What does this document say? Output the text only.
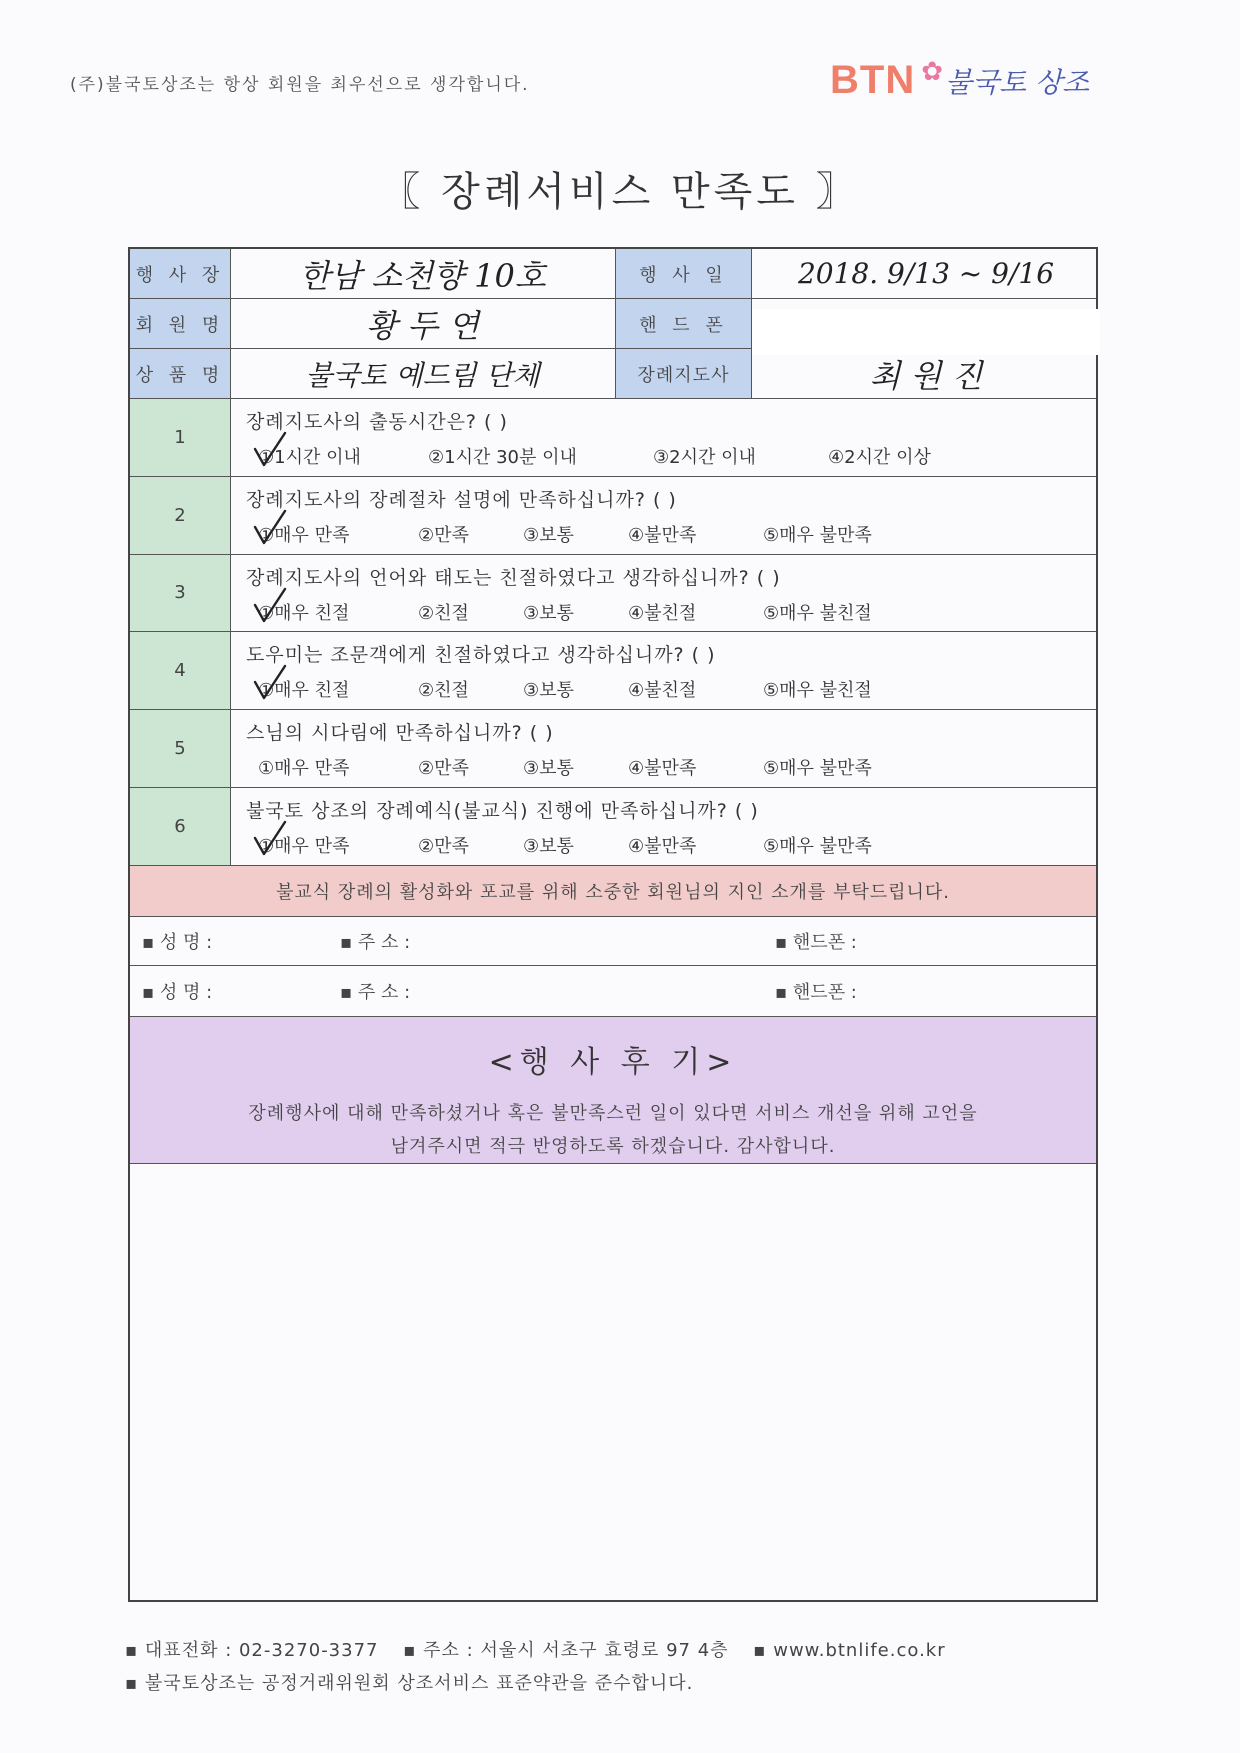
(주)불국토상조는 항상 회원을 최우선으로 생각합니다.	BTN ✿ 불국토 상조
〖 장례서비스 만족도 〗
행 사 장	한남 소천향 10호	행 사 일	2018. 9/13 ~ 9/16
회 원 명	황 두 연	핸 드 폰
상 품 명	불국토 예드림 단체	장례지도사	최 원 진
1
장례지도사의 출동시간은? ( )
①1시간 이내	②1시간 30분 이내	③2시간 이내	④2시간 이상
2
장례지도사의 장례절차 설명에 만족하십니까? ( )
①매우 만족	②만족	③보통	④불만족	⑤매우 불만족
3
장례지도사의 언어와 태도는 친절하였다고 생각하십니까? ( )
①매우 친절	②친절	③보통	④불친절	⑤매우 불친절
4
도우미는 조문객에게 친절하였다고 생각하십니까? ( )
①매우 친절	②친절	③보통	④불친절	⑤매우 불친절
5
스님의 시다림에 만족하십니까? ( )
①매우 만족	②만족	③보통	④불만족	⑤매우 불만족
6
불국토 상조의 장례예식(불교식) 진행에 만족하십니까? ( )
①매우 만족	②만족	③보통	④불만족	⑤매우 불만족
불교식 장례의 활성화와 포교를 위해 소중한 회원님의 지인 소개를 부탁드립니다.
▪ 성 명 :	▪ 주 소 :	▪ 핸드폰 :
▪ 성 명 :	▪ 주 소 :	▪ 핸드폰 :
<행 사 후 기>
장례행사에 대해 만족하셨거나 혹은 불만족스런 일이 있다면 서비스 개선을 위해 고언을
남겨주시면 적극 반영하도록 하겠습니다. 감사합니다.
▪ 대표전화 : 02-3270-3377 ▪ 주소 : 서울시 서초구 효령로 97 4층 ▪ www.btnlife.co.kr
▪ 불국토상조는 공정거래위원회 상조서비스 표준약관을 준수합니다.
